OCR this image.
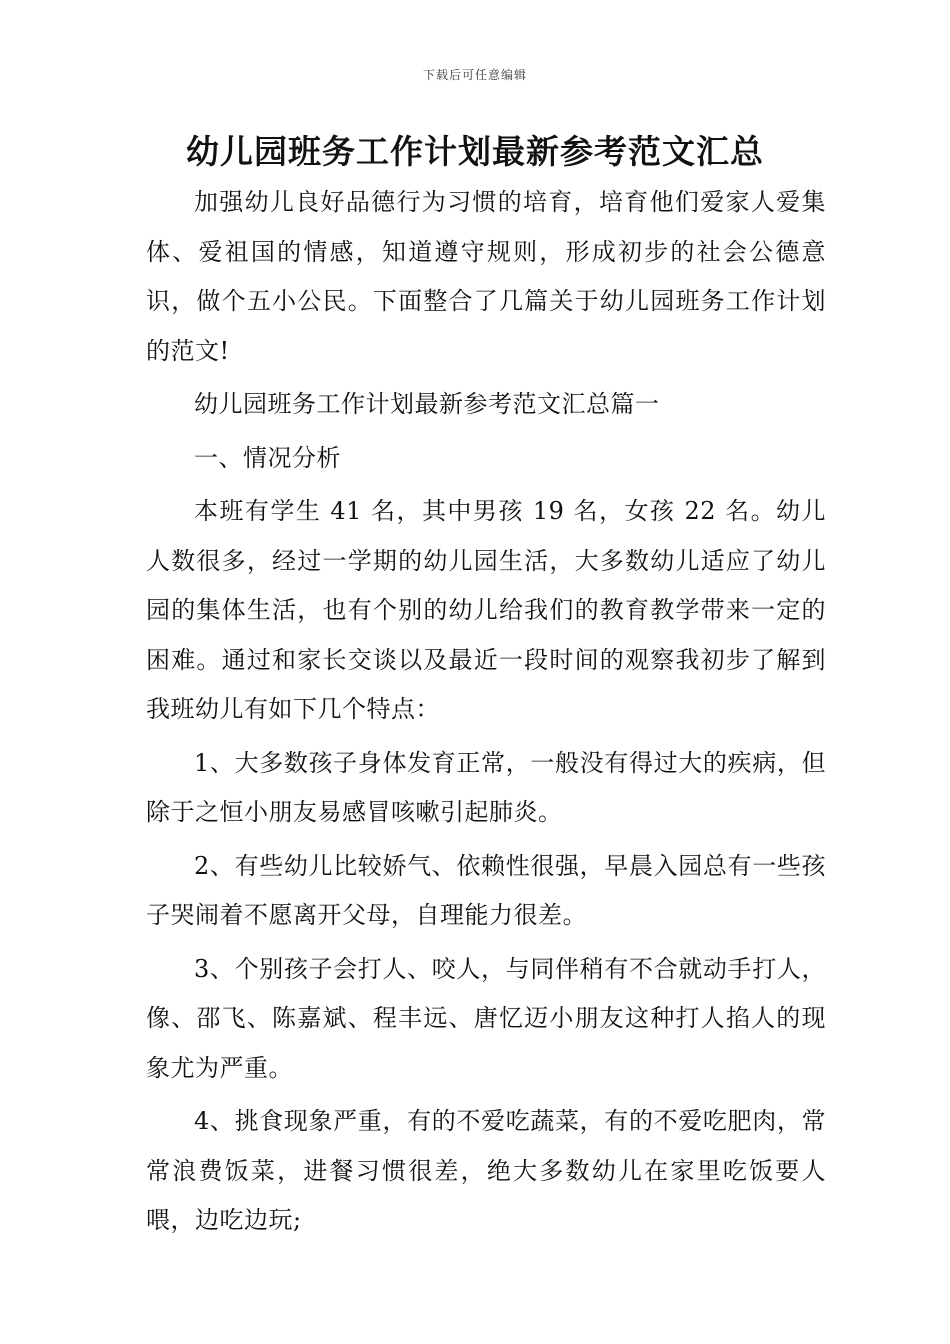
下载后可任意编辑
幼儿园班务工作计划最新参考范文汇总

加强幼儿良好品德行为习惯的培育，培育他们爱家人爱集体、爱祖国的情感，知道遵守规则，形成初步的社会公德意识，做个五小公民。下面整合了几篇关于幼儿园班务工作计划的范文!

幼儿园班务工作计划最新参考范文汇总篇一

一、情况分析

本班有学生 41 名，其中男孩 19 名，女孩 22 名。幼儿人数很多，经过一学期的幼儿园生活，大多数幼儿适应了幼儿园的集体生活，也有个别的幼儿给我们的教育教学带来一定的困难。通过和家长交谈以及最近一段时间的观察我初步了解到我班幼儿有如下几个特点：

1、大多数孩子身体发育正常，一般没有得过大的疾病，但除于之恒小朋友易感冒咳嗽引起肺炎。

2、有些幼儿比较娇气、依赖性很强，早晨入园总有一些孩子哭闹着不愿离开父母，自理能力很差。

3、个别孩子会打人、咬人，与同伴稍有不合就动手打人，像、邵飞、陈嘉斌、程丰远、唐忆迈小朋友这种打人掐人的现象尤为严重。

4、挑食现象严重，有的不爱吃蔬菜，有的不爱吃肥肉，常常浪费饭菜，进餐习惯很差，绝大多数幼儿在家里吃饭要人喂，边吃边玩;
